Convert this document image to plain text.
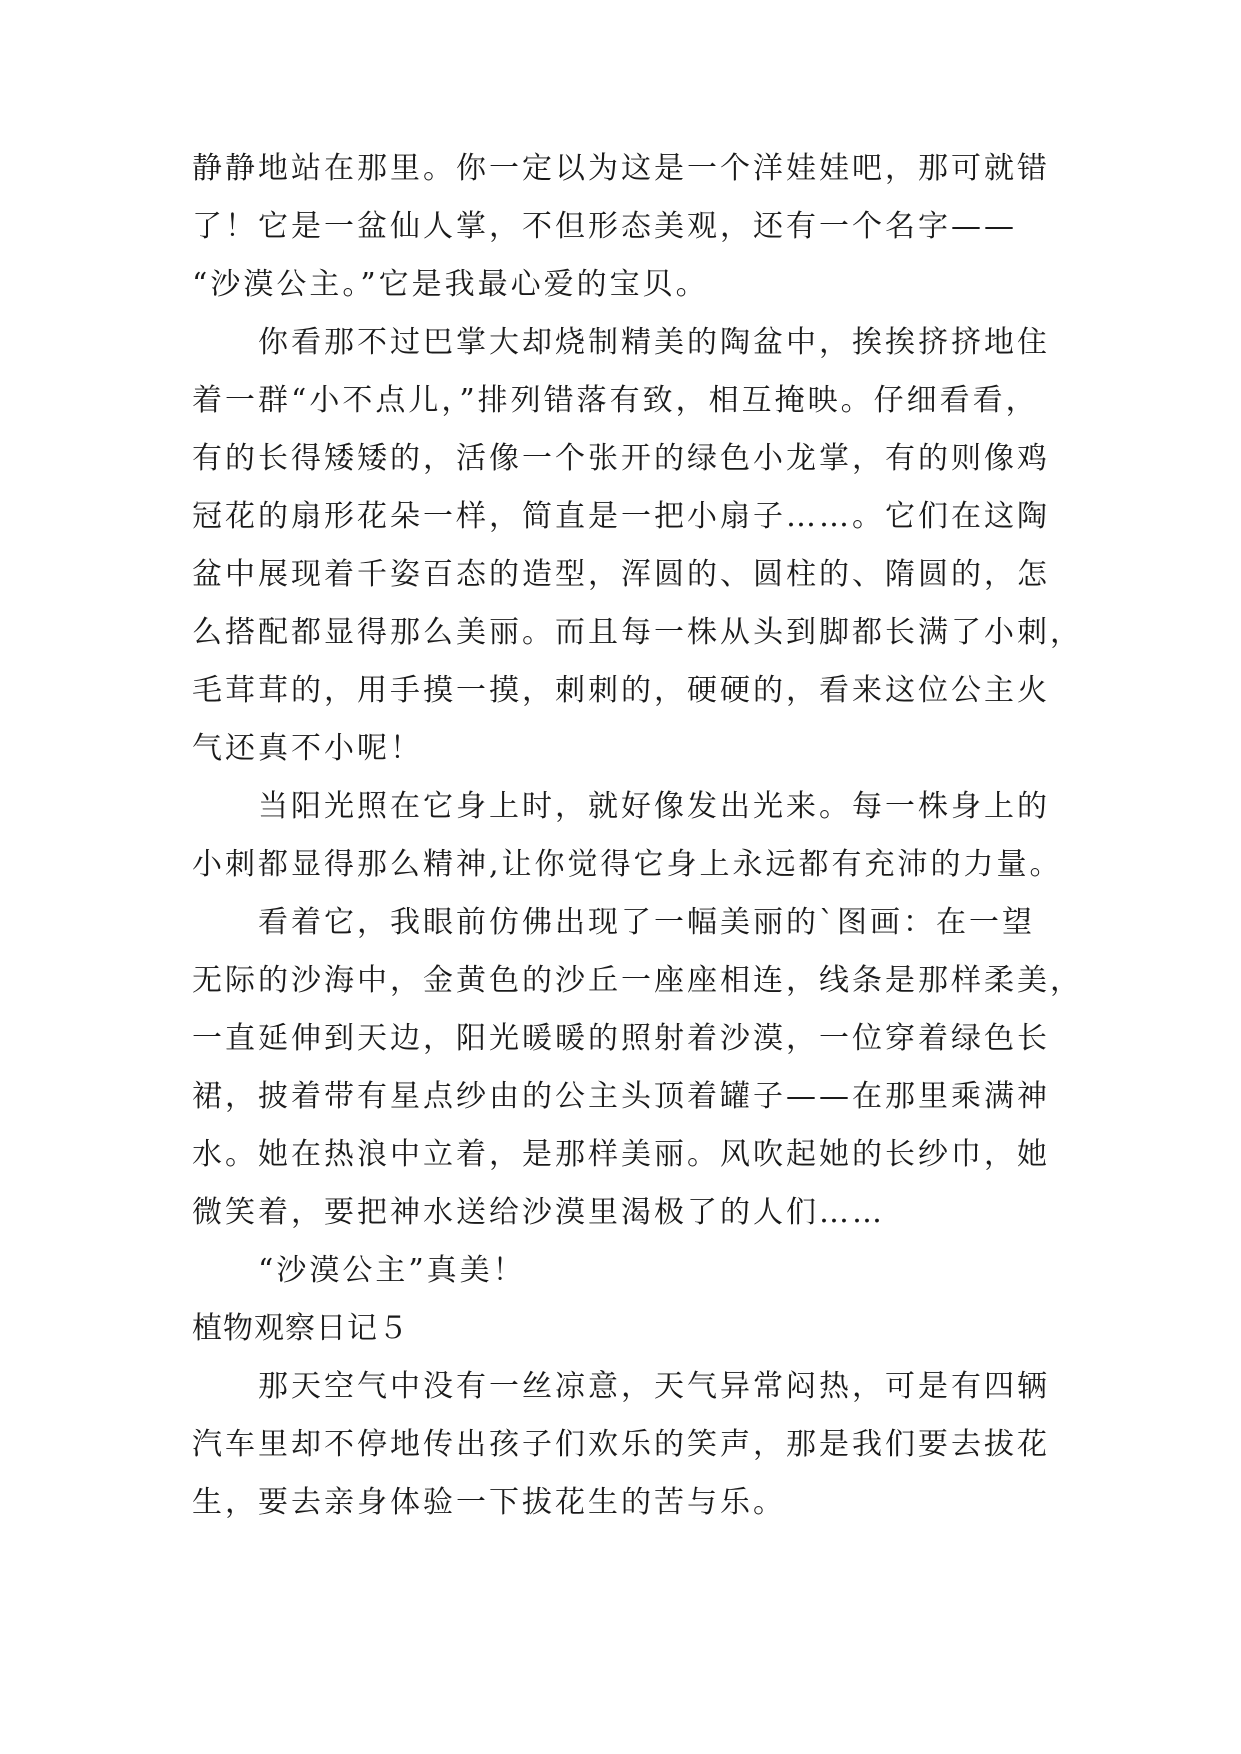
静静地站在那里。你一定以为这是一个洋娃娃吧，那可就错
了！它是一盆仙人掌，不但形态美观，还有一个名字——
“沙漠公主。”它是我最心爱的宝贝。
你看那不过巴掌大却烧制精美的陶盆中，挨挨挤挤地住
着一群“小不点儿，”排列错落有致，相互掩映。仔细看看，
有的长得矮矮的，活像一个张开的绿色小龙掌，有的则像鸡
冠花的扇形花朵一样，简直是一把小扇子……。它们在这陶
盆中展现着千姿百态的造型，浑圆的、圆柱的、隋圆的，怎
么搭配都显得那么美丽。而且每一株从头到脚都长满了小刺，
毛茸茸的，用手摸一摸，刺刺的，硬硬的，看来这位公主火
气还真不小呢！
当阳光照在它身上时，就好像发出光来。每一株身上的
小刺都显得那么精神,让你觉得它身上永远都有充沛的力量。
看着它，我眼前仿佛出现了一幅美丽的`图画：在一望
无际的沙海中，金黄色的沙丘一座座相连，线条是那样柔美，
一直延伸到天边，阳光暖暖的照射着沙漠，一位穿着绿色长
裙，披着带有星点纱由的公主头顶着罐子——在那里乘满神
水。她在热浪中立着，是那样美丽。风吹起她的长纱巾，她
微笑着，要把神水送给沙漠里渴极了的人们……
“沙漠公主”真美！
植物观察日记５
那天空气中没有一丝凉意，天气异常闷热，可是有四辆
汽车里却不停地传出孩子们欢乐的笑声，那是我们要去拔花
生，要去亲身体验一下拔花生的苦与乐。
